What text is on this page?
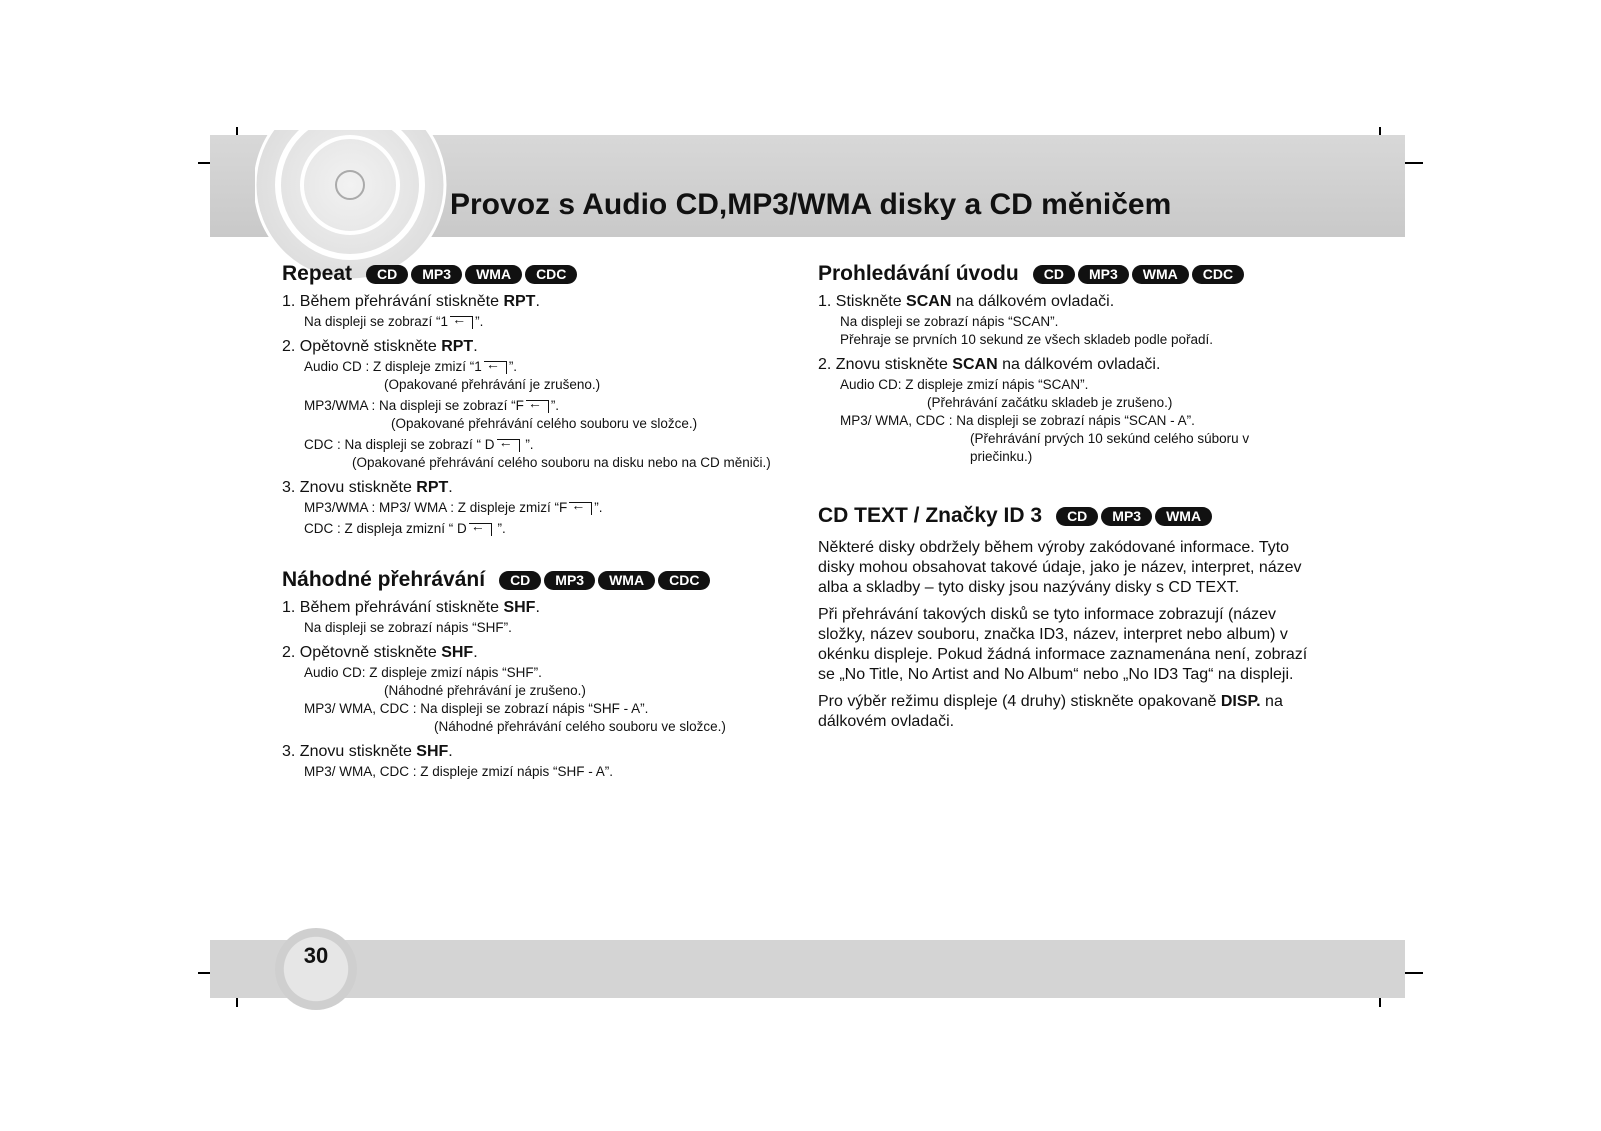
Provoz s Audio CD,MP3/WMA disky a CD měničem
Repeat	CD	MP3	WMA	CDC
1. Během přehrávání stiskněte RPT.
Na displeji se zobrazí “1 ← ”.
2. Opětovně stiskněte RPT.
Audio CD : Z displeje zmizí “1 ← ”.
(Opakované přehrávání je zrušeno.)
MP3/WMA : Na displeji se zobrazí “F ← ”.
(Opakované přehrávání celého souboru ve složce.)
CDC : Na displeji se zobrazí “ D← ”.
(Opakované přehrávání celého souboru na disku nebo na CD měniči.)
3. Znovu stiskněte RPT.
MP3/WMA : MP3/ WMA : Z displeje zmizí “F ← ”.
CDC : Z displeja zmizní “ D← ”.
Náhodné přehrávání	CD	MP3	WMA	CDC
1. Během přehrávání stiskněte SHF.
Na displeji se zobrazí nápis “SHF”.
2. Opětovně stiskněte SHF.
Audio CD: Z displeje zmizí nápis “SHF”.
(Náhodné přehrávání je zrušeno.)
MP3/ WMA, CDC : Na displeji se zobrazí nápis “SHF - A”.
(Náhodné přehrávání celého souboru ve složce.)
3. Znovu stiskněte SHF.
MP3/ WMA, CDC : Z displeje zmizí nápis “SHF - A”.
Prohledávání úvodu	CD	MP3	WMA	CDC
1. Stiskněte SCAN na dálkovém ovladači.
Na displeji se zobrazí nápis “SCAN”.
Přehraje se prvních 10 sekund ze všech skladeb podle pořadí.
2. Znovu stiskněte SCAN na dálkovém ovladači.
Audio CD: Z displeje zmizí nápis “SCAN”.
(Přehrávání začátku skladeb je zrušeno.)
MP3/ WMA, CDC : Na displeji se zobrazí nápis “SCAN - A”.
(Přehrávání prvých 10 sekúnd celého súboru v priečinku.)
CD TEXT / Značky ID 3	CD	MP3	WMA

Některé disky obdržely během výroby zakódované informace. Tyto disky mohou obsahovat takové údaje, jako je název, interpret, název alba a skladby – tyto disky jsou nazývány disky s CD TEXT.

Při přehrávání takových disků se tyto informace zobrazují (název složky, název souboru, značka ID3, název, interpret nebo album) v okénku displeje. Pokud žádná informace zaznamenána není, zobrazí se „No Title, No Artist and No Album“ nebo „No ID3 Tag“ na displeji.

Pro výběr režimu displeje (4 druhy) stiskněte opakovaně DISP. na dálkovém ovladači.

30
